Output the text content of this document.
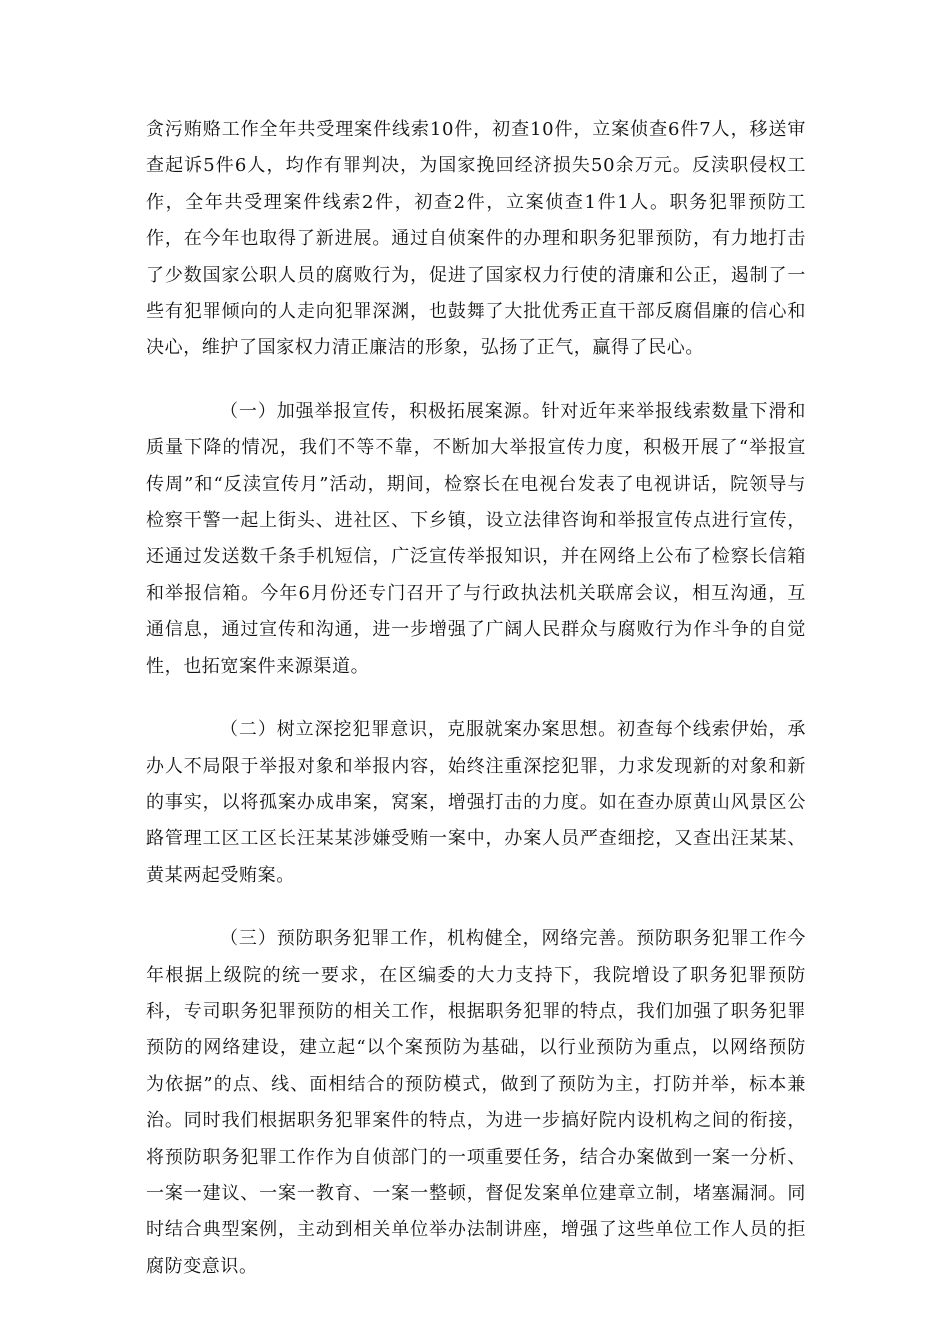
贪污贿赂工作全年共受理案件线索10件，初查10件，立案侦查6件7人，移送审查起诉5件6人，均作有罪判决，为国家挽回经济损失50余万元。反渎职侵权工作，全年共受理案件线索2件，初查2件，立案侦查1件1人。职务犯罪预防工作，在今年也取得了新进展。通过自侦案件的办理和职务犯罪预防，有力地打击了少数国家公职人员的腐败行为，促进了国家权力行使的清廉和公正，遏制了一些有犯罪倾向的人走向犯罪深渊，也鼓舞了大批优秀正直干部反腐倡廉的信心和决心，维护了国家权力清正廉洁的形象，弘扬了正气，赢得了民心。

（一）加强举报宣传，积极拓展案源。针对近年来举报线索数量下滑和质量下降的情况，我们不等不靠，不断加大举报宣传力度，积极开展了“举报宣传周”和“反渎宣传月”活动，期间，检察长在电视台发表了电视讲话，院领导与检察干警一起上街头、进社区、下乡镇，设立法律咨询和举报宣传点进行宣传，还通过发送数千条手机短信，广泛宣传举报知识，并在网络上公布了检察长信箱和举报信箱。今年6月份还专门召开了与行政执法机关联席会议，相互沟通，互通信息，通过宣传和沟通，进一步增强了广阔人民群众与腐败行为作斗争的自觉性，也拓宽案件来源渠道。

（二）树立深挖犯罪意识，克服就案办案思想。初查每个线索伊始，承办人不局限于举报对象和举报内容，始终注重深挖犯罪，力求发现新的对象和新的事实，以将孤案办成串案，窝案，增强打击的力度。如在查办原黄山风景区公路管理工区工区长汪某某涉嫌受贿一案中，办案人员严查细挖，又查出汪某某、黄某两起受贿案。

（三）预防职务犯罪工作，机构健全，网络完善。预防职务犯罪工作今年根据上级院的统一要求，在区编委的大力支持下，我院增设了职务犯罪预防科，专司职务犯罪预防的相关工作，根据职务犯罪的特点，我们加强了职务犯罪预防的网络建设，建立起“以个案预防为基础，以行业预防为重点，以网络预防为依据”的点、线、面相结合的预防模式，做到了预防为主，打防并举，标本兼治。同时我们根据职务犯罪案件的特点，为进一步搞好院内设机构之间的衔接，将预防职务犯罪工作作为自侦部门的一项重要任务，结合办案做到一案一分析、一案一建议、一案一教育、一案一整顿，督促发案单位建章立制，堵塞漏洞。同时结合典型案例，主动到相关单位举办法制讲座，增强了这些单位工作人员的拒腐防变意识。
